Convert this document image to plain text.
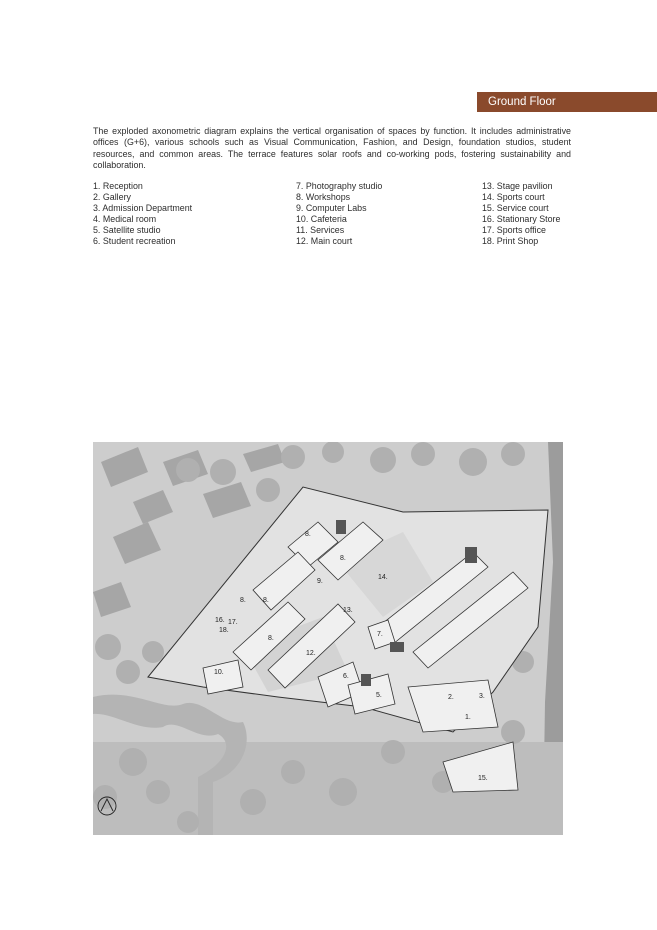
Ground Floor

The exploded axonometric diagram explains the vertical organisation of spaces by function. It includes administrative offices (G+6), various schools such as Visual Communication, Fashion, and Design, foundation studios, student resources, and common areas. The terrace features solar roofs and co-working pods, fostering sustainability and collaboration.

1. Reception
2. Gallery
3. Admission Department
4. Medical room
5. Satellite studio
6. Student recreation
7. Photography studio
8. Workshops
9. Computer Labs
10. Cafeteria
11. Services
12. Main court
13. Stage pavilion
14. Sports court
15. Service court
16. Stationary Store
17. Sports office
18. Print Shop
8.
8.
9.
14.
8.
8.
13.
7.
16. 17.
18.
8.
12.
6.
10.
5.	2.	3.
1.
15.
